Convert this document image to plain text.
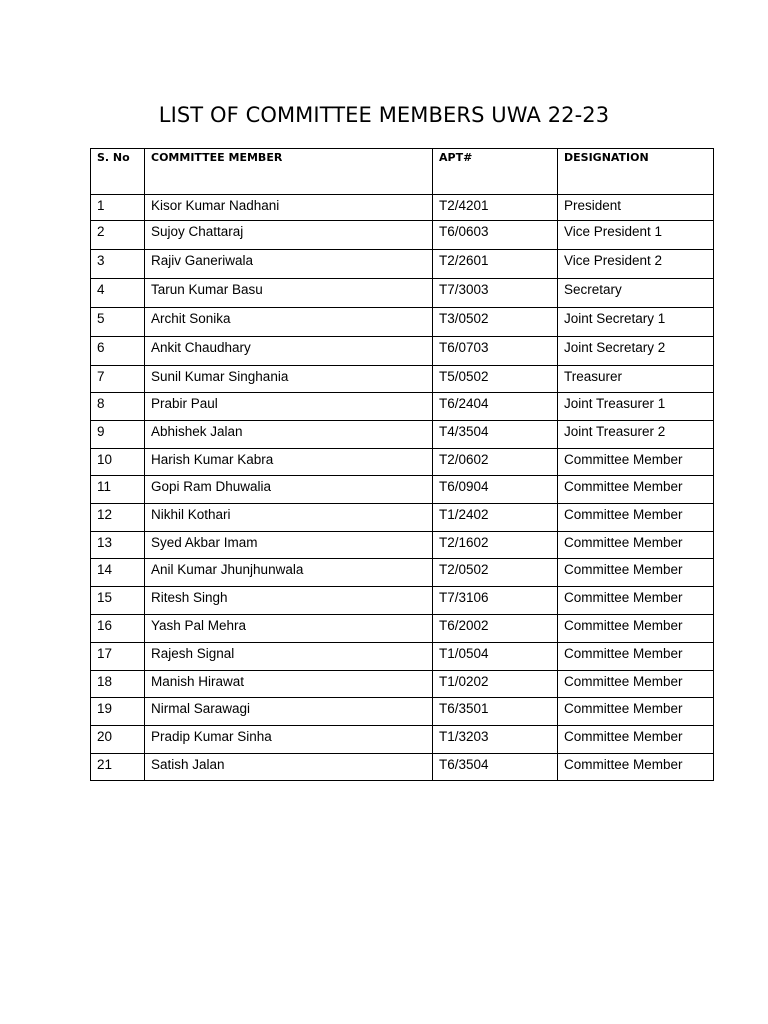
LIST OF COMMITTEE MEMBERS UWA 22-23
S. No	COMMITTEE MEMBER	APT#	DESIGNATION
1	Kisor Kumar Nadhani	T2/4201	President
2	Sujoy Chattaraj	T6/0603	Vice President 1
3	Rajiv Ganeriwala	T2/2601	Vice President 2
4	Tarun Kumar Basu	T7/3003	Secretary
5	Archit Sonika	T3/0502	Joint Secretary 1
6	Ankit Chaudhary	T6/0703	Joint Secretary 2
7	Sunil Kumar Singhania	T5/0502	Treasurer
8	Prabir Paul	T6/2404	Joint Treasurer 1
9	Abhishek Jalan	T4/3504	Joint Treasurer 2
10	Harish Kumar Kabra	T2/0602	Committee Member
11	Gopi Ram Dhuwalia	T6/0904	Committee Member
12	Nikhil Kothari	T1/2402	Committee Member
13	Syed Akbar Imam	T2/1602	Committee Member
14	Anil Kumar Jhunjhunwala	T2/0502	Committee Member
15	Ritesh Singh	T7/3106	Committee Member
16	Yash Pal Mehra	T6/2002	Committee Member
17	Rajesh Signal	T1/0504	Committee Member
18	Manish Hirawat	T1/0202	Committee Member
19	Nirmal Sarawagi	T6/3501	Committee Member
20	Pradip Kumar Sinha	T1/3203	Committee Member
21	Satish Jalan	T6/3504	Committee Member
